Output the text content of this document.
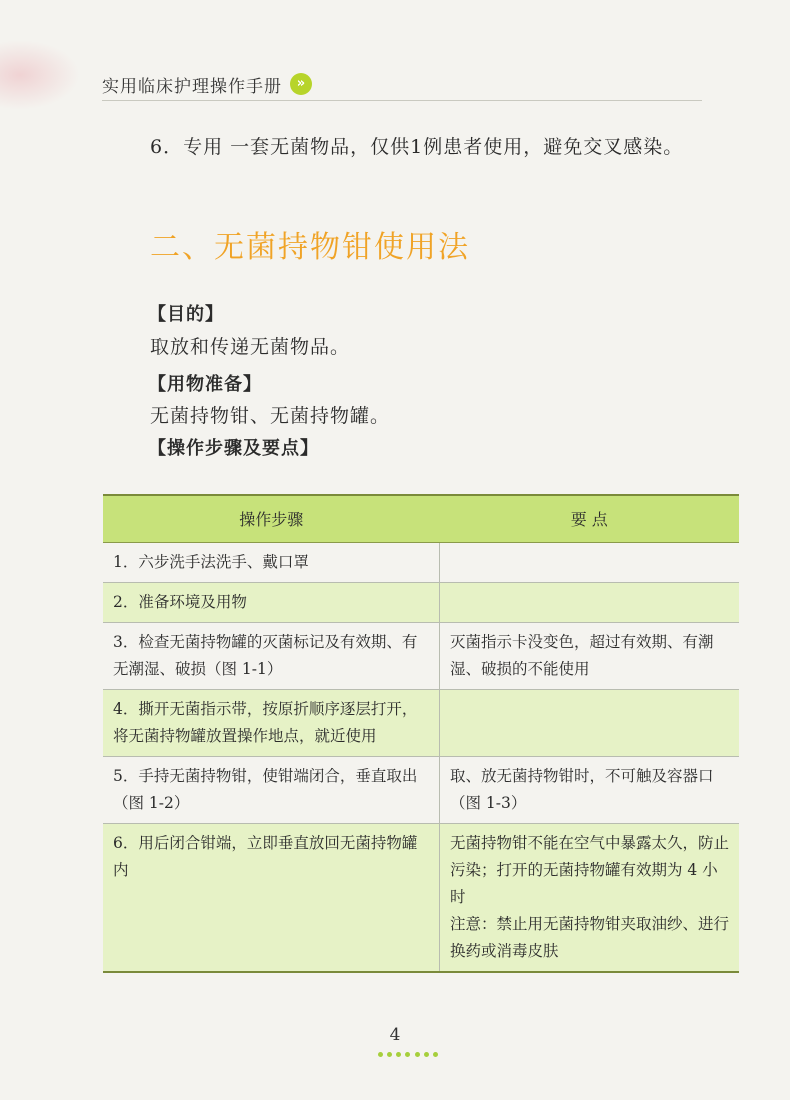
实用临床护理操作手册	»
6．专用 一套无菌物品，仅供1例患者使用，避免交叉感染。
二、无菌持物钳使用法
【目的】
取放和传递无菌物品。
【用物准备】
无菌持物钳、无菌持物罐。
【操作步骤及要点】
操作步骤	要 点
1．六步洗手法洗手、戴口罩	
2．准备环境及用物	
3．检查无菌持物罐的灭菌标记及有效期、有无潮湿、破损（图 1-1）	灭菌指示卡没变色，超过有效期、有潮湿、破损的不能使用
4．撕开无菌指示带，按原折顺序逐层打开，将无菌持物罐放置操作地点，就近使用	
5．手持无菌持物钳，使钳端闭合，垂直取出（图 1-2）	取、放无菌持物钳时，不可触及容器口（图 1-3）
6．用后闭合钳端，立即垂直放回无菌持物罐内	无菌持物钳不能在空气中暴露太久，防止污染；打开的无菌持物罐有效期为 4 小时
注意：禁止用无菌持物钳夹取油纱、进行换药或消毒皮肤
4
